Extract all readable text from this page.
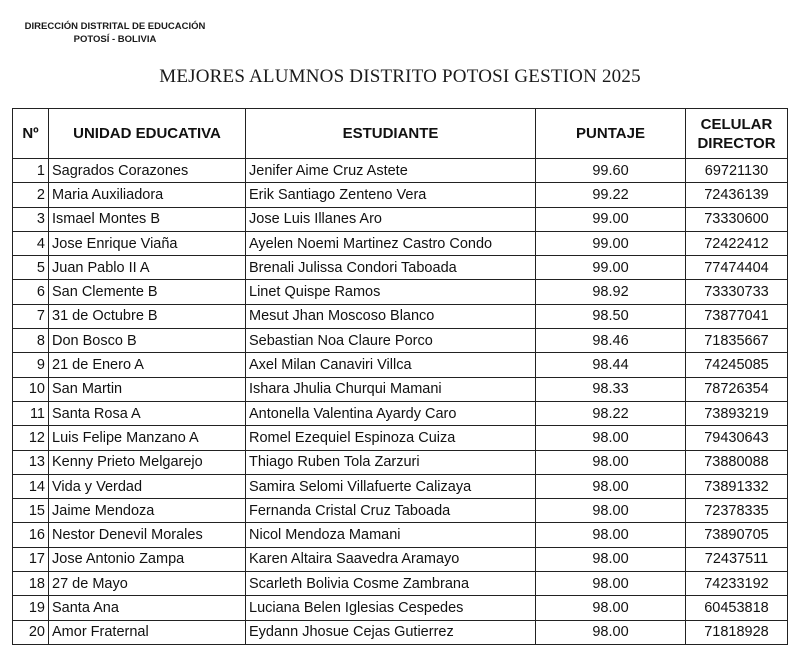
DIRECCIÓN DISTRITAL DE EDUCACIÓN
POTOSÍ - BOLIVIA
MEJORES ALUMNOS DISTRITO POTOSI GESTION 2025
Nº	UNIDAD EDUCATIVA	ESTUDIANTE	PUNTAJE	CELULAR
DIRECTOR

1	Sagrados Corazones	Jenifer Aime Cruz Astete	99.60	69721130
2	Maria Auxiliadora	Erik Santiago Zenteno Vera	99.22	72436139
3	Ismael Montes B	Jose Luis Illanes Aro	99.00	73330600
4	Jose Enrique Viaña	Ayelen Noemi Martinez Castro Condo	99.00	72422412
5	Juan Pablo II A	Brenali Julissa Condori Taboada	99.00	77474404
6	San Clemente B	Linet Quispe Ramos	98.92	73330733
7	31 de Octubre B	Mesut Jhan Moscoso Blanco	98.50	73877041
8	Don Bosco B	Sebastian Noa Claure Porco	98.46	71835667
9	21 de Enero A	Axel Milan Canaviri Villca	98.44	74245085
10	San Martin	Ishara Jhulia Churqui Mamani	98.33	78726354
11	Santa Rosa A	Antonella Valentina Ayardy Caro	98.22	73893219
12	Luis Felipe Manzano A	Romel Ezequiel Espinoza Cuiza	98.00	79430643
13	Kenny Prieto Melgarejo	Thiago Ruben Tola Zarzuri	98.00	73880088
14	Vida y Verdad	Samira Selomi Villafuerte Calizaya	98.00	73891332
15	Jaime Mendoza	Fernanda Cristal Cruz Taboada	98.00	72378335
16	Nestor Denevil Morales	Nicol Mendoza Mamani	98.00	73890705
17	Jose Antonio Zampa	Karen Altaira Saavedra Aramayo	98.00	72437511
18	27 de Mayo	Scarleth Bolivia Cosme Zambrana	98.00	74233192
19	Santa Ana	Luciana Belen Iglesias Cespedes	98.00	60453818
20	Amor Fraternal	Eydann Jhosue Cejas Gutierrez	98.00	71818928
